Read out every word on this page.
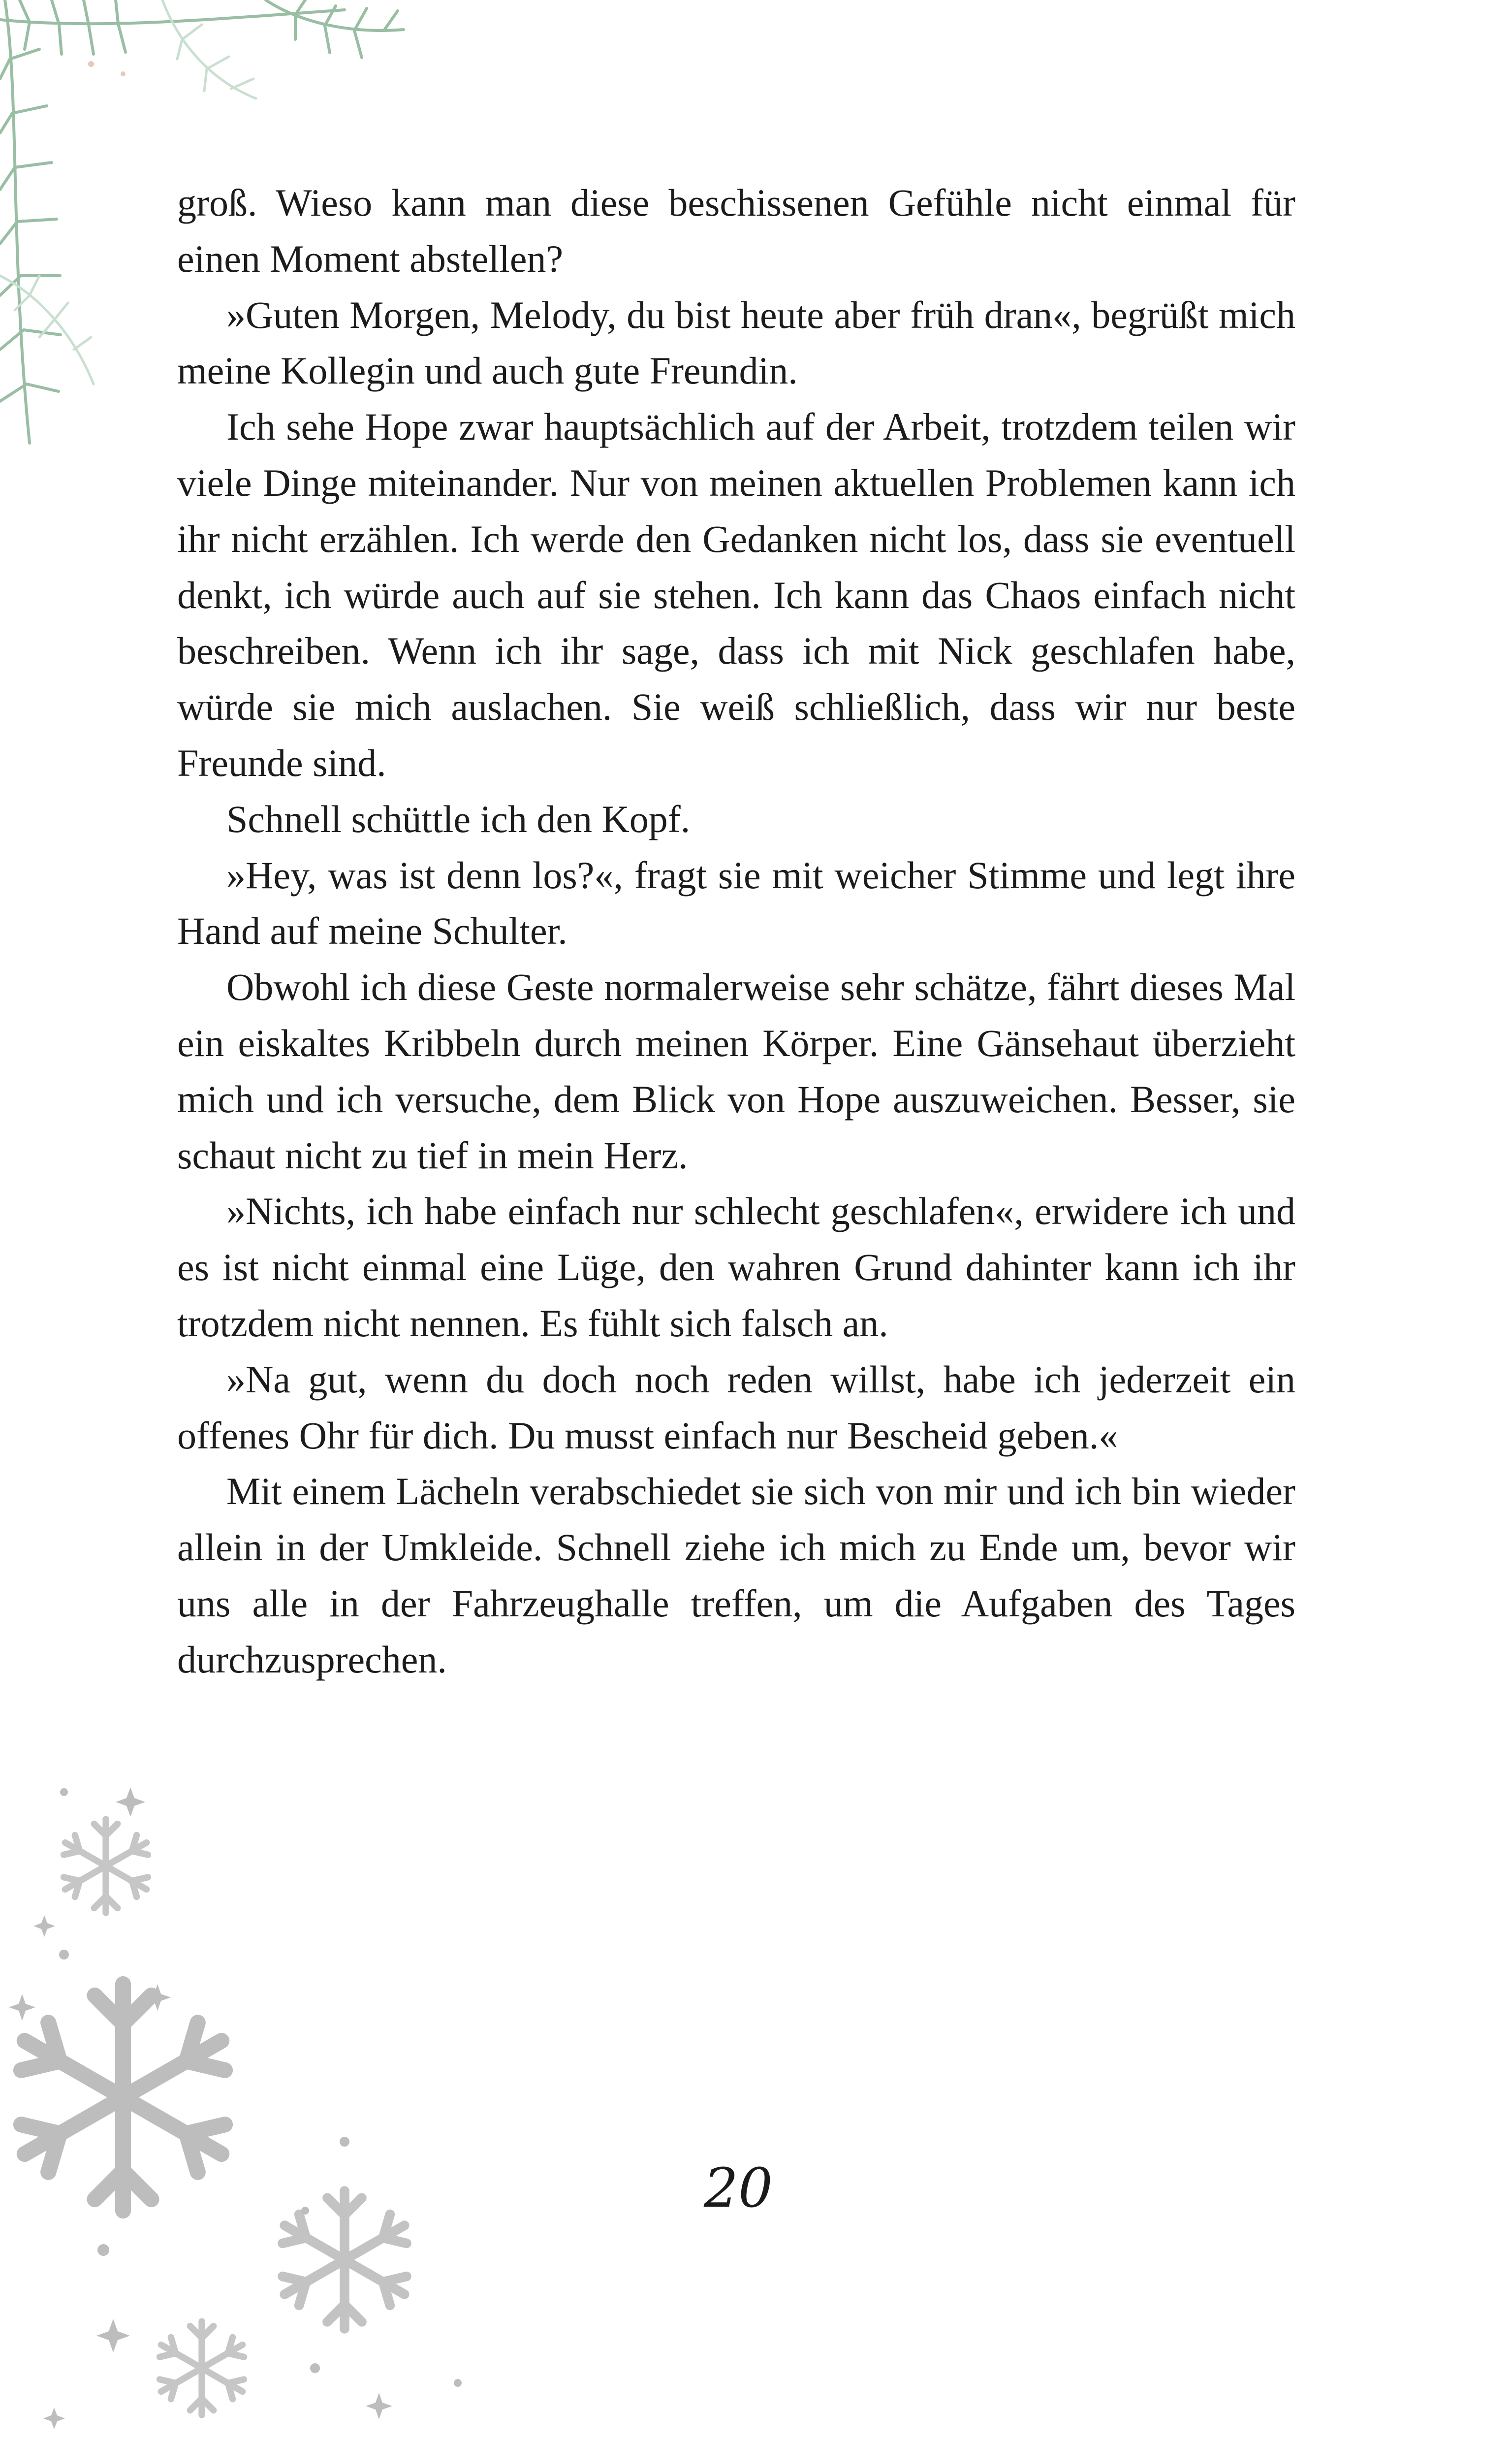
groß. Wieso kann man diese beschissenen Gefühle nicht einmal für einen Moment abstellen?

»Guten Morgen, Melody, du bist heute aber früh dran«, begrüßt mich meine Kollegin und auch gute Freundin.

Ich sehe Hope zwar hauptsächlich auf der Arbeit, trotzdem teilen wir viele Dinge miteinander. Nur von meinen aktuellen Problemen kann ich ihr nicht erzählen. Ich werde den Gedanken nicht los, dass sie eventuell denkt, ich würde auch auf sie stehen. Ich kann das Chaos einfach nicht beschreiben. Wenn ich ihr sage, dass ich mit Nick geschlafen habe, würde sie mich auslachen. Sie weiß schließlich, dass wir nur beste Freunde sind.

Schnell schüttle ich den Kopf.

»Hey, was ist denn los?«, fragt sie mit weicher Stimme und legt ihre Hand auf meine Schulter.

Obwohl ich diese Geste normalerweise sehr schätze, fährt dieses Mal ein eiskaltes Kribbeln durch meinen Körper. Eine Gänsehaut überzieht mich und ich versuche, dem Blick von Hope auszuweichen. Besser, sie schaut nicht zu tief in mein Herz.

»Nichts, ich habe einfach nur schlecht geschlafen«, erwidere ich und es ist nicht einmal eine Lüge, den wahren Grund dahinter kann ich ihr trotzdem nicht nennen. Es fühlt sich falsch an.

»Na gut, wenn du doch noch reden willst, habe ich jederzeit ein offenes Ohr für dich. Du musst einfach nur Bescheid geben.«

Mit einem Lächeln verabschiedet sie sich von mir und ich bin wieder allein in der Umkleide. Schnell ziehe ich mich zu Ende um, bevor wir uns alle in der Fahrzeughalle treffen, um die Aufgaben des Tages durchzusprechen.

20
